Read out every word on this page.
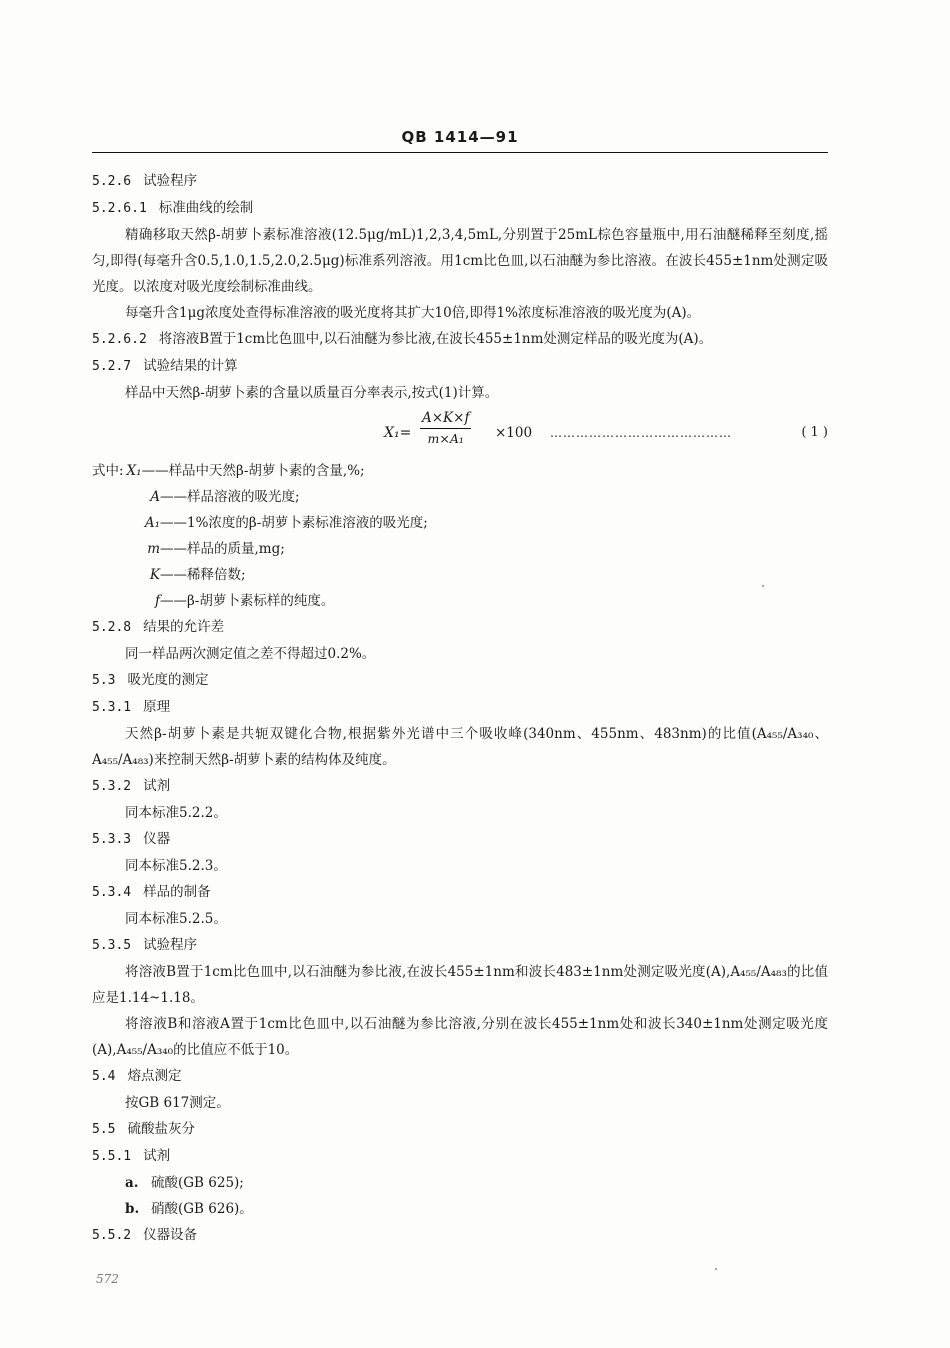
QB 1414—91
5.2.6 试验程序
5.2.6.1 标准曲线的绘制
精确移取天然β-胡萝卜素标准溶液(12.5μg/mL)1,2,3,4,5mL,分别置于25mL棕色容量瓶中,用石油醚稀释至刻度,摇匀,即得(每毫升含0.5,1.0,1.5,2.0,2.5μg)标准系列溶液。用1cm比色皿,以石油醚为参比溶液。在波长455±1nm处测定吸光度。以浓度对吸光度绘制标准曲线。
每毫升含1μg浓度处查得标准溶液的吸光度将其扩大10倍,即得1%浓度标准溶液的吸光度为(A)。
5.2.6.2 将溶液B置于1cm比色皿中,以石油醚为参比液,在波长455±1nm处测定样品的吸光度为(A)。
5.2.7 试验结果的计算
样品中天然β-胡萝卜素的含量以质量百分率表示,按式(1)计算。
$X_1= \frac{A\times K\times f}{\text{m×A₁}} \times 100$ ……………………………………	( 1 )
式中: X₁——样品中天然β-胡萝卜素的含量,%;
A——样品溶液的吸光度;
A₁——1%浓度的β-胡萝卜素标准溶液的吸光度;
m——样品的质量,mg;
K——稀释倍数;
f——β-胡萝卜素标样的纯度。
5.2.8 结果的允许差
同一样品两次测定值之差不得超过0.2%。
5.3 吸光度的测定
5.3.1 原理
天然β-胡萝卜素是共轭双键化合物,根据紫外光谱中三个吸收峰(340nm、455nm、483nm)的比值(A₄₅₅/A₃₄₀、A₄₅₅/A₄₈₃)来控制天然β-胡萝卜素的结构体及纯度。
5.3.2 试剂
同本标准5.2.2。
5.3.3 仪器
同本标准5.2.3。
5.3.4 样品的制备
同本标准5.2.5。
5.3.5 试验程序
将溶液B置于1cm比色皿中,以石油醚为参比液,在波长455±1nm和波长483±1nm处测定吸光度(A),A₄₅₅/A₄₈₃的比值应是1.14~1.18。
将溶液B和溶液A置于1cm比色皿中,以石油醚为参比溶液,分别在波长455±1nm处和波长340±1nm处测定吸光度(A),A₄₅₅/A₃₄₀的比值应不低于10。
5.4 熔点测定
按GB 617测定。
5.5 硫酸盐灰分
5.5.1 试剂
a. 硫酸(GB 625);
b. 硝酸(GB 626)。
5.5.2 仪器设备
572
